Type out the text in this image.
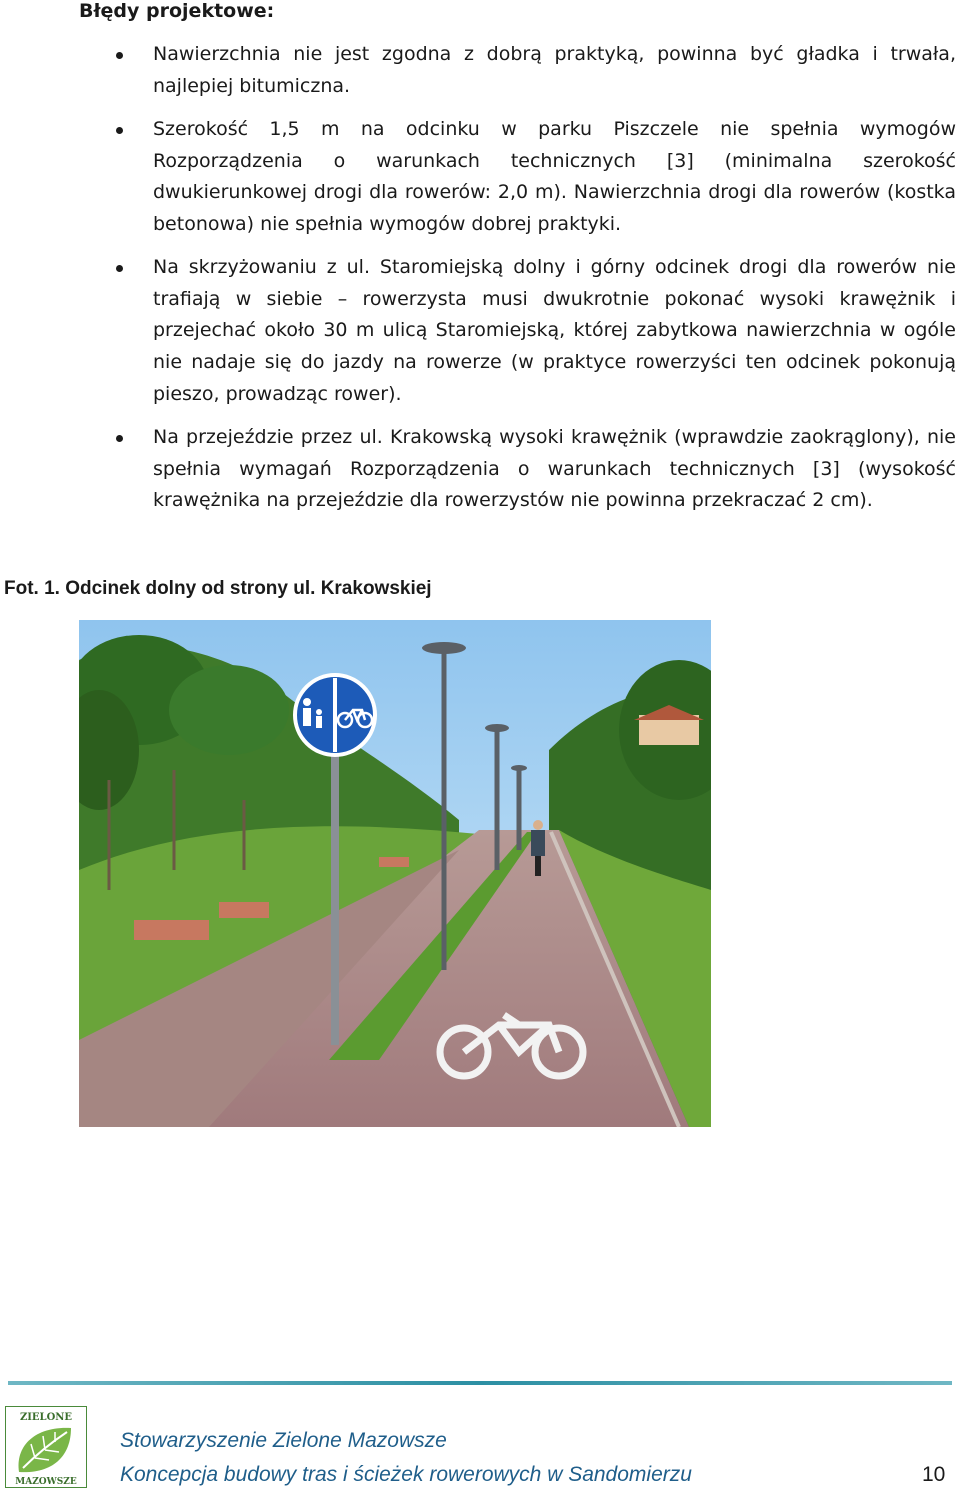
Błędy projektowe:

Nawierzchnia nie jest zgodna z dobrą praktyką, powinna być gładka i trwała, najlepiej bitumiczna.

Szerokość 1,5 m na odcinku w parku Piszczele nie spełnia wymogów Rozporządzenia o warunkach technicznych [3] (minimalna szerokość dwukierunkowej drogi dla rowerów: 2,0 m). Nawierzchnia drogi dla rowerów (kostka betonowa) nie spełnia wymogów dobrej praktyki.

Na skrzyżowaniu z ul. Staromiejską dolny i górny odcinek drogi dla rowerów nie trafiają w siebie – rowerzysta musi dwukrotnie pokonać wysoki krawężnik i przejechać około 30 m ulicą Staromiejską, której zabytkowa nawierzchnia w ogóle nie nadaje się do jazdy na rowerze (w praktyce rowerzyści ten odcinek pokonują pieszo, prowadząc rower).

Na przejeździe przez ul. Krakowską wysoki krawężnik (wprawdzie zaokrąglony), nie spełnia wymagań Rozporządzenia o warunkach technicznych [3] (wysokość krawężnika na przejeździe dla rowerzystów nie powinna przekraczać 2 cm).

Fot. 1. Odcinek dolny od strony ul. Krakowskiej

ZIELONE
MAZOWSZE

Stowarzyszenie Zielone Mazowsze

Koncepcja budowy tras i ścieżek rowerowych w Sandomierzu	10
